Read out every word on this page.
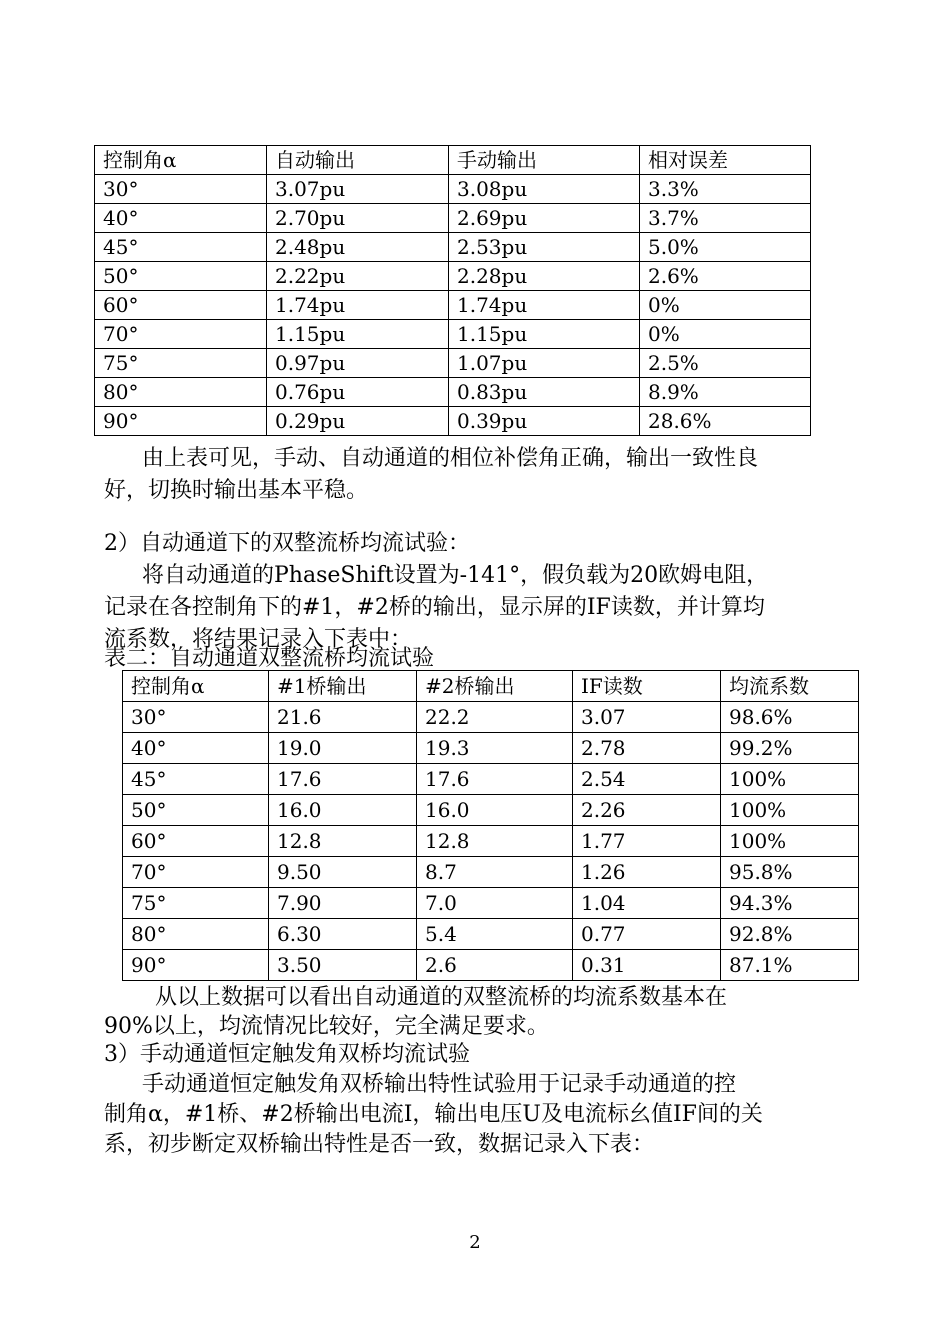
控制角α	自动输出	手动输出	相对误差
30°	3.07pu	3.08pu	3.3%
40°	2.70pu	2.69pu	3.7%
45°	2.48pu	2.53pu	5.0%
50°	2.22pu	2.28pu	2.6%
60°	1.74pu	1.74pu	0%
70°	1.15pu	1.15pu	0%
75°	0.97pu	1.07pu	2.5%
80°	0.76pu	0.83pu	8.9%
90°	0.29pu	0.39pu	28.6%
由上表可见，手动、自动通道的相位补偿角正确，输出一致性良
好，切换时输出基本平稳。
2）自动通道下的双整流桥均流试验：
将自动通道的PhaseShift设置为-141°，假负载为20欧姆电阻，
记录在各控制角下的#1，#2桥的输出，显示屏的IF读数，并计算均
流系数，将结果记录入下表中：
表二：自动通道双整流桥均流试验
控制角α	#1桥输出	#2桥输出	IF读数	均流系数
30°	21.6	22.2	3.07	98.6%
40°	19.0	19.3	2.78	99.2%
45°	17.6	17.6	2.54	100%
50°	16.0	16.0	2.26	100%
60°	12.8	12.8	1.77	100%
70°	9.50	8.7	1.26	95.8%
75°	7.90	7.0	1.04	94.3%
80°	6.30	5.4	0.77	92.8%
90°	3.50	2.6	0.31	87.1%
从以上数据可以看出自动通道的双整流桥的均流系数基本在
90%以上，均流情况比较好，完全满足要求。
3）手动通道恒定触发角双桥均流试验
手动通道恒定触发角双桥输出特性试验用于记录手动通道的控
制角α，#1桥、#2桥输出电流I，输出电压U及电流标幺值IF间的关
系，初步断定双桥输出特性是否一致，数据记录入下表：
2
